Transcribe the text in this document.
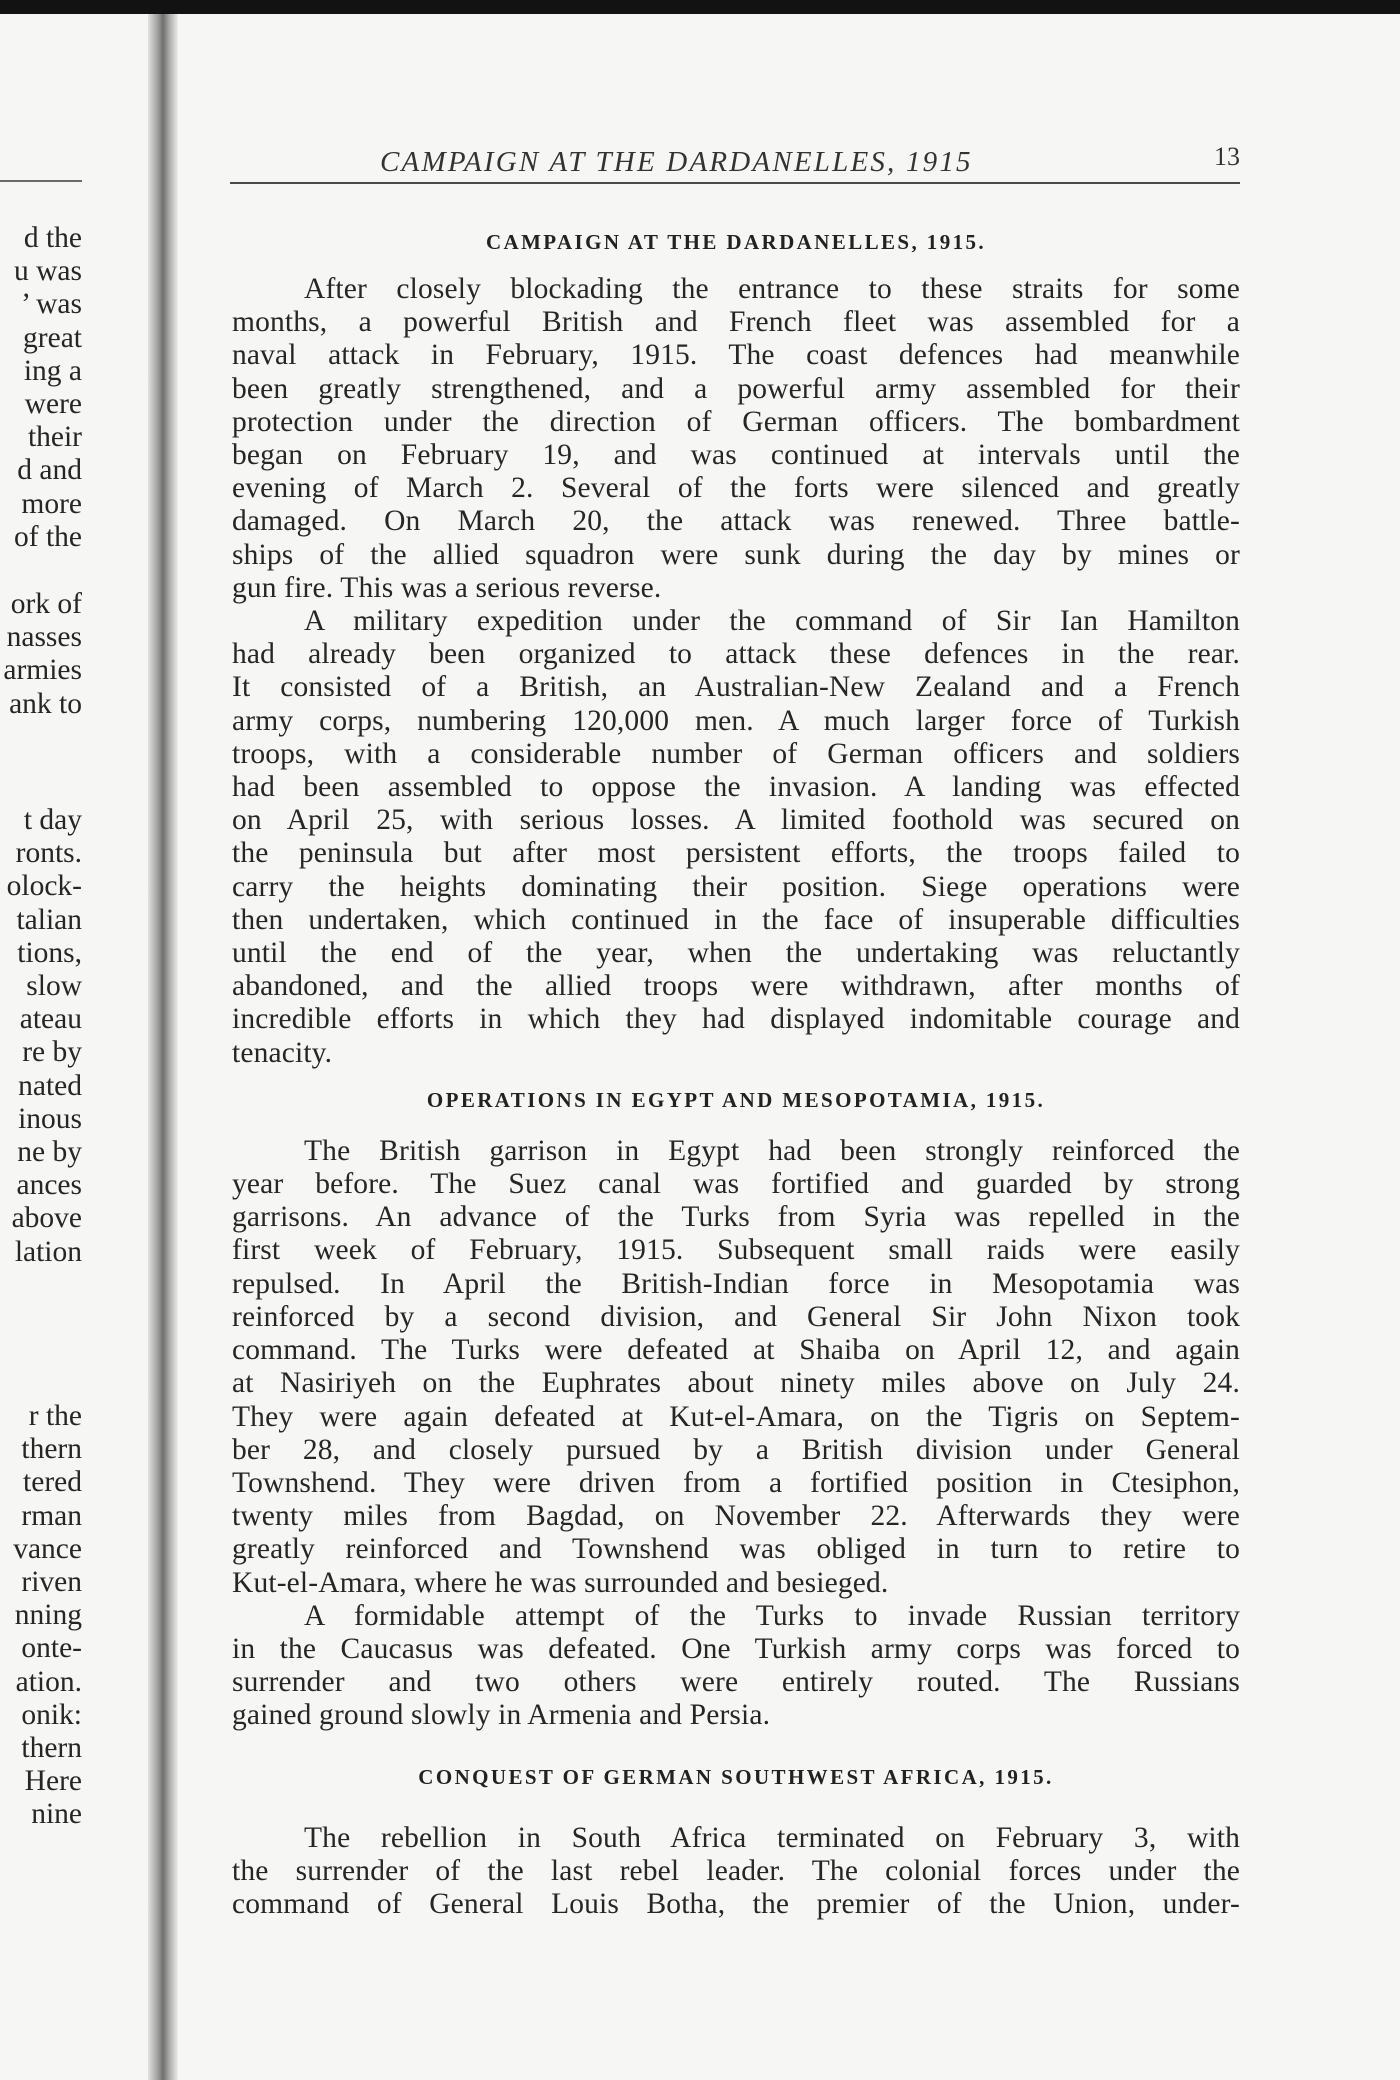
d the
u was
’ was
great
ing a
were
their
d and
more
of the
ork of
nasses
armies
ank to
t day
ronts.
olock-
talian
tions,
slow
ateau
re by
nated
inous
ne by
ances
above
lation
r the
thern
tered
rman
vance
riven
nning
onte-
ation.
onik:
thern
Here
nine
CAMPAIGN AT THE DARDANELLES, 1915	13
CAMPAIGN AT THE DARDANELLES, 1915.
After closely blockading the entrance to these straits for some
months, a powerful British and French fleet was assembled for a
naval attack in February, 1915. The coast defences had meanwhile
been greatly strengthened, and a powerful army assembled for their
protection under the direction of German officers. The bombardment
began on February 19, and was continued at intervals until the
evening of March 2. Several of the forts were silenced and greatly
damaged. On March 20, the attack was renewed. Three battle-
ships of the allied squadron were sunk during the day by mines or
gun fire. This was a serious reverse.
A military expedition under the command of Sir Ian Hamilton
had already been organized to attack these defences in the rear.
It consisted of a British, an Australian-New Zealand and a French
army corps, numbering 120,000 men. A much larger force of Turkish
troops, with a considerable number of German officers and soldiers
had been assembled to oppose the invasion. A landing was effected
on April 25, with serious losses. A limited foothold was secured on
the peninsula but after most persistent efforts, the troops failed to
carry the heights dominating their position. Siege operations were
then undertaken, which continued in the face of insuperable difficulties
until the end of the year, when the undertaking was reluctantly
abandoned, and the allied troops were withdrawn, after months of
incredible efforts in which they had displayed indomitable courage and
tenacity.
OPERATIONS IN EGYPT AND MESOPOTAMIA, 1915.
The British garrison in Egypt had been strongly reinforced the
year before. The Suez canal was fortified and guarded by strong
garrisons. An advance of the Turks from Syria was repelled in the
first week of February, 1915. Subsequent small raids were easily
repulsed. In April the British-Indian force in Mesopotamia was
reinforced by a second division, and General Sir John Nixon took
command. The Turks were defeated at Shaiba on April 12, and again
at Nasiriyeh on the Euphrates about ninety miles above on July 24.
They were again defeated at Kut-el-Amara, on the Tigris on Septem-
ber 28, and closely pursued by a British division under General
Townshend. They were driven from a fortified position in Ctesiphon,
twenty miles from Bagdad, on November 22. Afterwards they were
greatly reinforced and Townshend was obliged in turn to retire to
Kut-el-Amara, where he was surrounded and besieged.
A formidable attempt of the Turks to invade Russian territory
in the Caucasus was defeated. One Turkish army corps was forced to
surrender and two others were entirely routed. The Russians
gained ground slowly in Armenia and Persia.
CONQUEST OF GERMAN SOUTHWEST AFRICA, 1915.
The rebellion in South Africa terminated on February 3, with
the surrender of the last rebel leader. The colonial forces under the
command of General Louis Botha, the premier of the Union, under-
